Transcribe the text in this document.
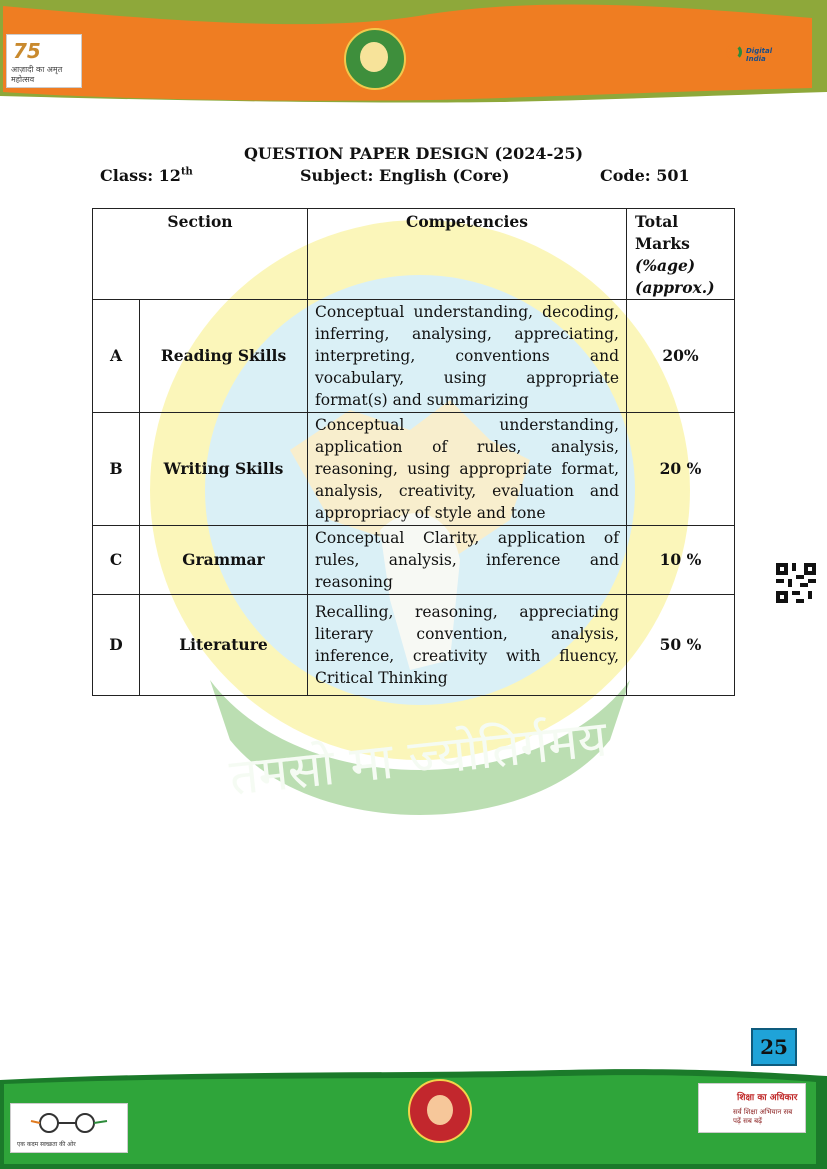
75
आज़ादी का अमृत महोत्सव
Digital India
तमसो मा ज्योतिर्गमय
QUESTION PAPER DESIGN (2024-25)
Class: 12th	Subject: English (Core)	Code: 501
Section		Competencies	Total Marks
(%age)
(approx.)

A	Reading Skills	Conceptual understanding, decoding, inferring, analysing, appreciating, interpreting, conventions and vocabulary, using appropriate format(s) and summarizing	20%
B	Writing Skills	Conceptual understanding, application of rules, analysis, reasoning, using appropriate format, analysis, creativity, evaluation and appropriacy of style and tone	20 %
C	Grammar	Conceptual Clarity, application of rules, analysis, inference and reasoning	10 %
D	Literature	Recalling, reasoning, appreciating literary convention, analysis, inference, creativity with fluency, Critical Thinking	50 %
25
एक कदम स्वच्छता की ओर
शिक्षा का अधिकार
सर्व शिक्षा अभियान सब पढ़ें सब बढ़ें
